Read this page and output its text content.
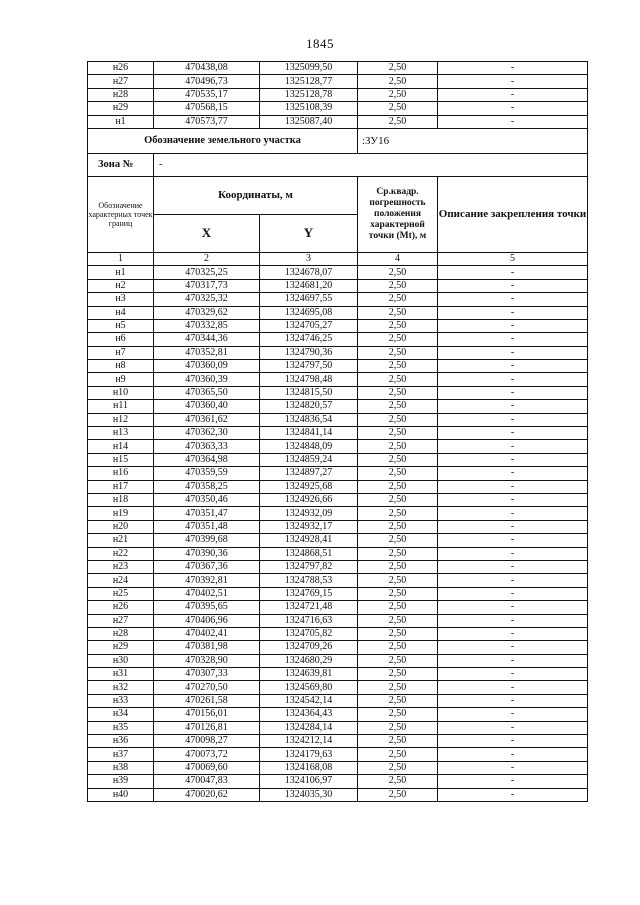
1845
н26	470438,08	1325099,50	2,50	-
н27	470496,73	1325128,77	2,50	-
н28	470535,17	1325128,78	2,50	-
н29	470568,15	1325108,39	2,50	-
н1	470573,77	1325087,40	2,50	-
Обозначение земельного участка			:ЗУ16	
Зона №	-			
Обозначение характерных точек границ	Координаты, м		Ср.квадр. погрешность положения характерной точки (Mt), м	Описание закрепления точки
	X	Y		
1	2	3	4	5
н1	470325,25	1324678,07	2,50	-
н2	470317,73	1324681,20	2,50	-
н3	470325,32	1324697,55	2,50	-
н4	470329,62	1324695,08	2,50	-
н5	470332,85	1324705,27	2,50	-
н6	470344,36	1324746,25	2,50	-
н7	470352,81	1324790,36	2,50	-
н8	470360,09	1324797,50	2,50	-
н9	470360,39	1324798,48	2,50	-
н10	470365,50	1324815,50	2,50	-
н11	470360,40	1324820,57	2,50	-
н12	470361,62	1324836,54	2,50	-
н13	470362,30	1324841,14	2,50	-
н14	470363,33	1324848,09	2,50	-
н15	470364,98	1324859,24	2,50	-
н16	470359,59	1324897,27	2,50	-
н17	470358,25	1324925,68	2,50	-
н18	470350,46	1324926,66	2,50	-
н19	470351,47	1324932,09	2,50	-
н20	470351,48	1324932,17	2,50	-
н21	470399,68	1324928,41	2,50	-
н22	470390,36	1324868,51	2,50	-
н23	470367,36	1324797,82	2,50	-
н24	470392,81	1324788,53	2,50	-
н25	470402,51	1324769,15	2,50	-
н26	470395,65	1324721,48	2,50	-
н27	470406,96	1324716,63	2,50	-
н28	470402,41	1324705,82	2,50	-
н29	470381,98	1324709,26	2,50	-
н30	470328,90	1324680,29	2,50	-
н31	470307,33	1324639,81	2,50	-
н32	470270,50	1324569,80	2,50	-
н33	470261,58	1324542,14	2,50	-
н34	470156,01	1324364,43	2,50	-
н35	470126,81	1324284,14	2,50	-
н36	470098,27	1324212,14	2,50	-
н37	470073,72	1324179,63	2,50	-
н38	470069,60	1324168,08	2,50	-
н39	470047,83	1324106,97	2,50	-
н40	470020,62	1324035,30	2,50	-
